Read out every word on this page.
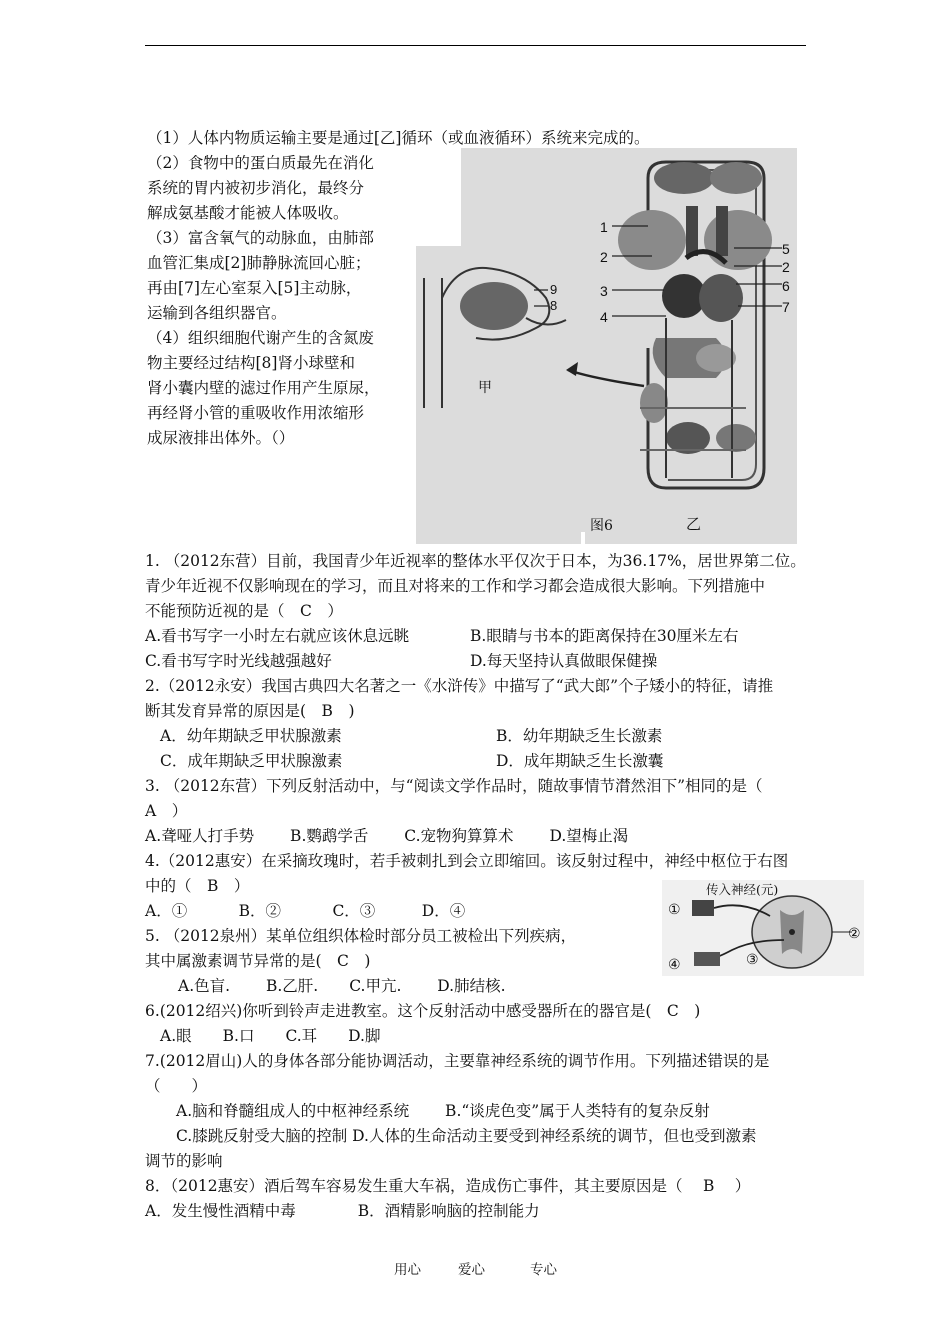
（1）人体内物质运输主要是通过[乙]循环（或血液循环）系统来完成的。
（2）食物中的蛋白质最先在消化
系统的胃内被初步消化，最终分
解成氨基酸才能被人体吸收。
（3）富含氧气的动脉血，由肺部
血管汇集成[2]肺静脉流回心脏；
再由[7]左心室泵入[5]主动脉，
运输到各组织器官。
（4）组织细胞代谢产生的含氮废
物主要经过结构[8]肾小球壁和
肾小囊内壁的滤过作用产生原尿，
再经肾小管的重吸收作用浓缩形
成尿液排出体外。（）
1
2
3
4
5
2
6
7
9
8
甲
图6	乙
1. （2012东营）目前，我国青少年近视率的整体水平仅次于日本，为36.17%，居世界第二位。
青少年近视不仅影响现在的学习，而且对将来的工作和学习都会造成很大影响。下列措施中
不能预防近视的是（　C　）
A.看书写字一小时左右就应该休息远眺	B.眼睛与书本的距离保持在30厘米左右
C.看书写字时光线越强越好	D.每天坚持认真做眼保健操
2.（2012永安）我国古典四大名著之一《水浒传》中描写了“武大郎”个子矮小的特征，请推
断其发育异常的原因是(　B　)
A．幼年期缺乏甲状腺激素	B．幼年期缺乏生长激素
C．成年期缺乏甲状腺激素	D．成年期缺乏生长激囊
3. （2012东营）下列反射活动中，与“阅读文学作品时，随故事情节潸然泪下”相同的是（
A　）
A.聋哑人打手势　　 B.鹦鹉学舌　　 C.宠物狗算算术　　 D.望梅止渴
4.（2012惠安）在采摘玫瑰时，若手被刺扎到会立即缩回。该反射过程中，神经中枢位于右图
中的（　B　）
A．①　　　 B．②　　　 C．③　　　D．④
传入神经(元)
①
②
③
④
5. （2012泉州）某单位组织体检时部分员工被检出下列疾病，
其中属激素调节异常的是(　C　)
A.色盲.　　 B.乙肝.　　C.甲亢.　　 D.肺结核.
6.(2012绍兴)你听到铃声走进教室。这个反射活动中感受器所在的器官是(　C　)
A.眼　　B.口　　C.耳　　D.脚
7.(2012眉山)人的身体各部分能协调活动，主要靠神经系统的调节作用。下列描述错误的是
（　　）
A.脑和脊髓组成人的中枢神经系统　　 B.“谈虎色变”属于人类特有的复杂反射
C.膝跳反射受大脑的控制 D.人体的生命活动主要受到神经系统的调节，但也受到激素
调节的影响
8．（2012惠安）酒后驾车容易发生重大车祸，造成伤亡事件，其主要原因是（　 B　 ）
A．发生慢性酒精中毒　　　　B．酒精影响脑的控制能力
用心	爱心	专心
